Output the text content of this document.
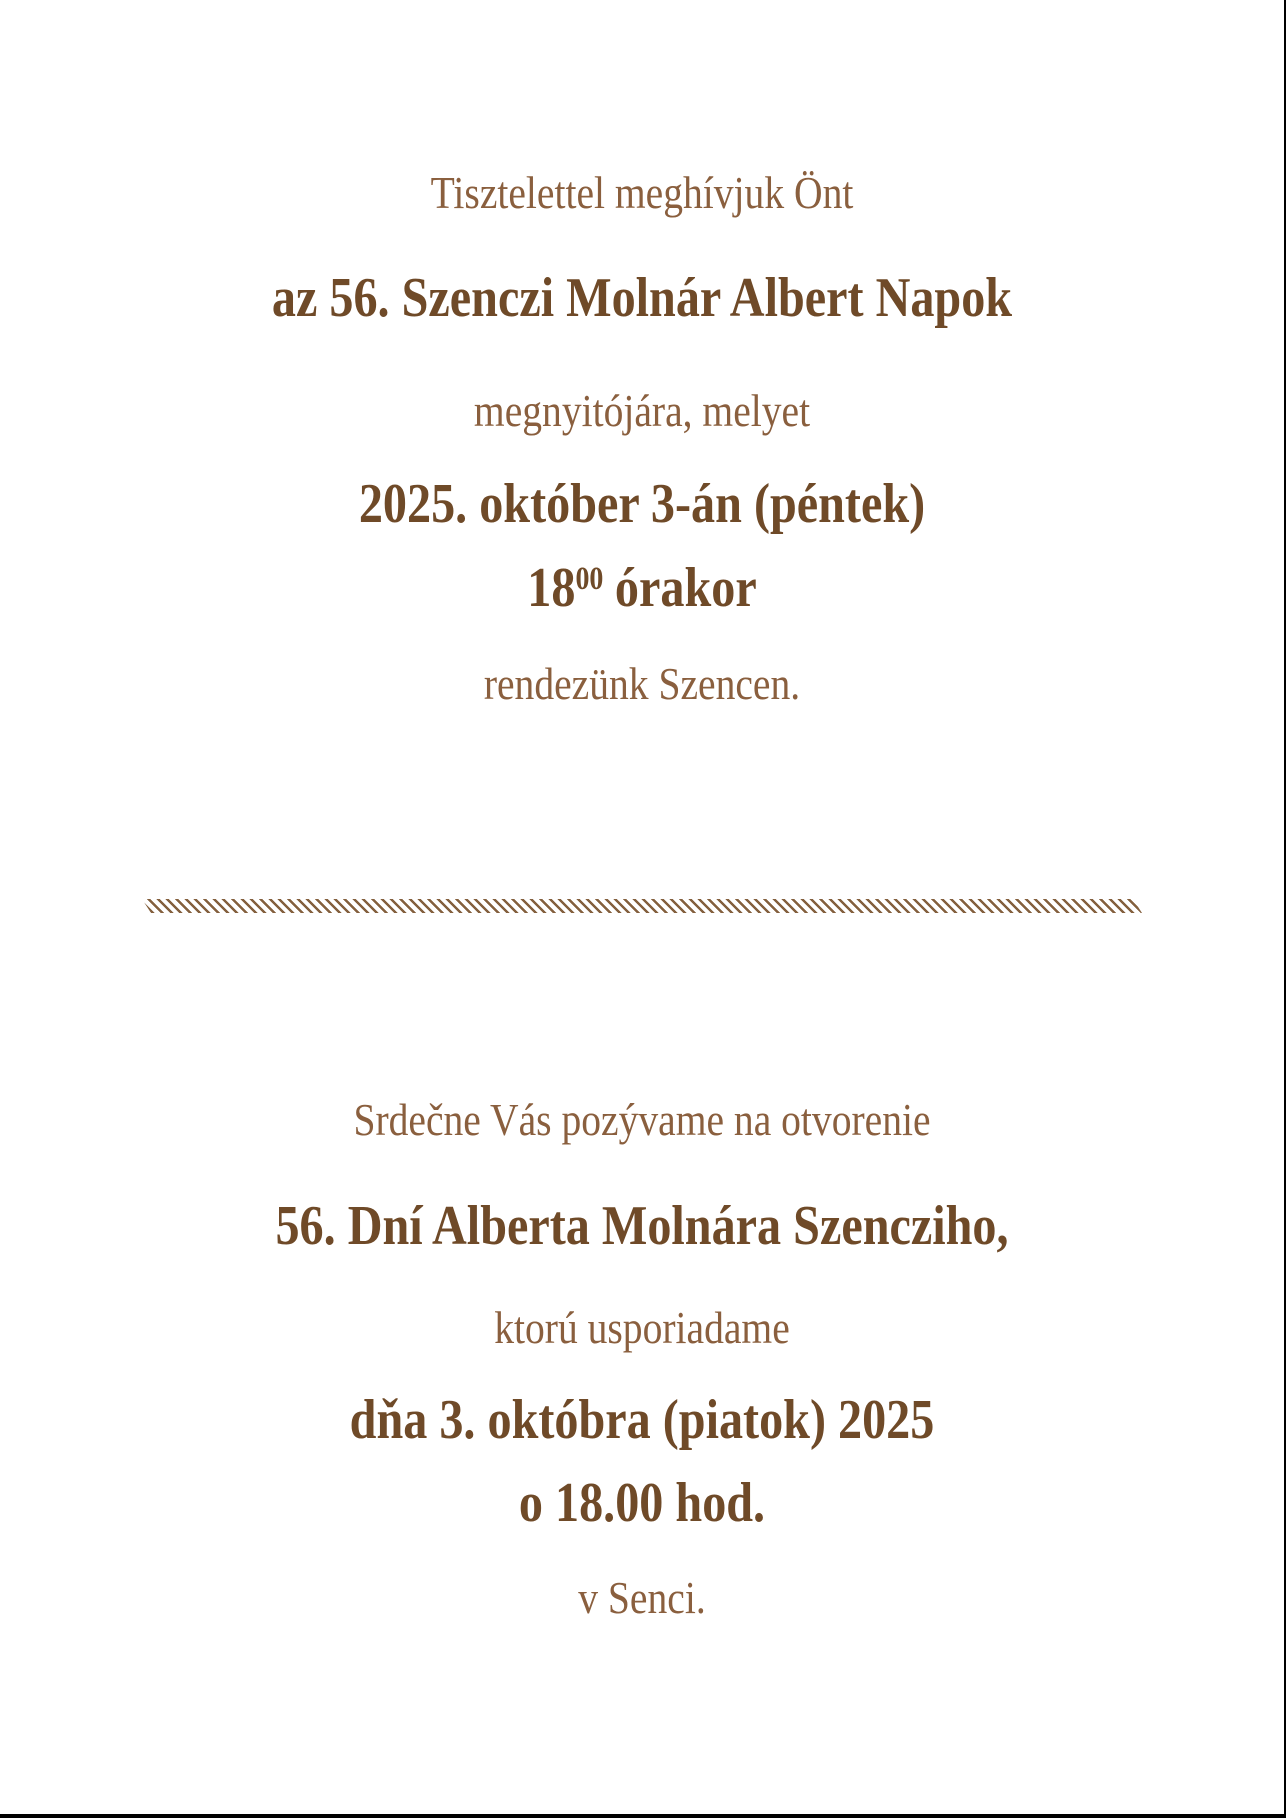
Tisztelettel meghívjuk Önt

az 56. Szenczi Molnár Albert Napok

megnyitójára, melyet

2025. október 3-án (péntek)

$18^{00}$ órakor

rendezünk Szencen.

Srdečne Vás pozývame na otvorenie

56. Dní Alberta Molnára Szencziho,

ktorú usporiadame

dňa 3. októbra (piatok) 2025

o 18.00 hod.

v Senci.
